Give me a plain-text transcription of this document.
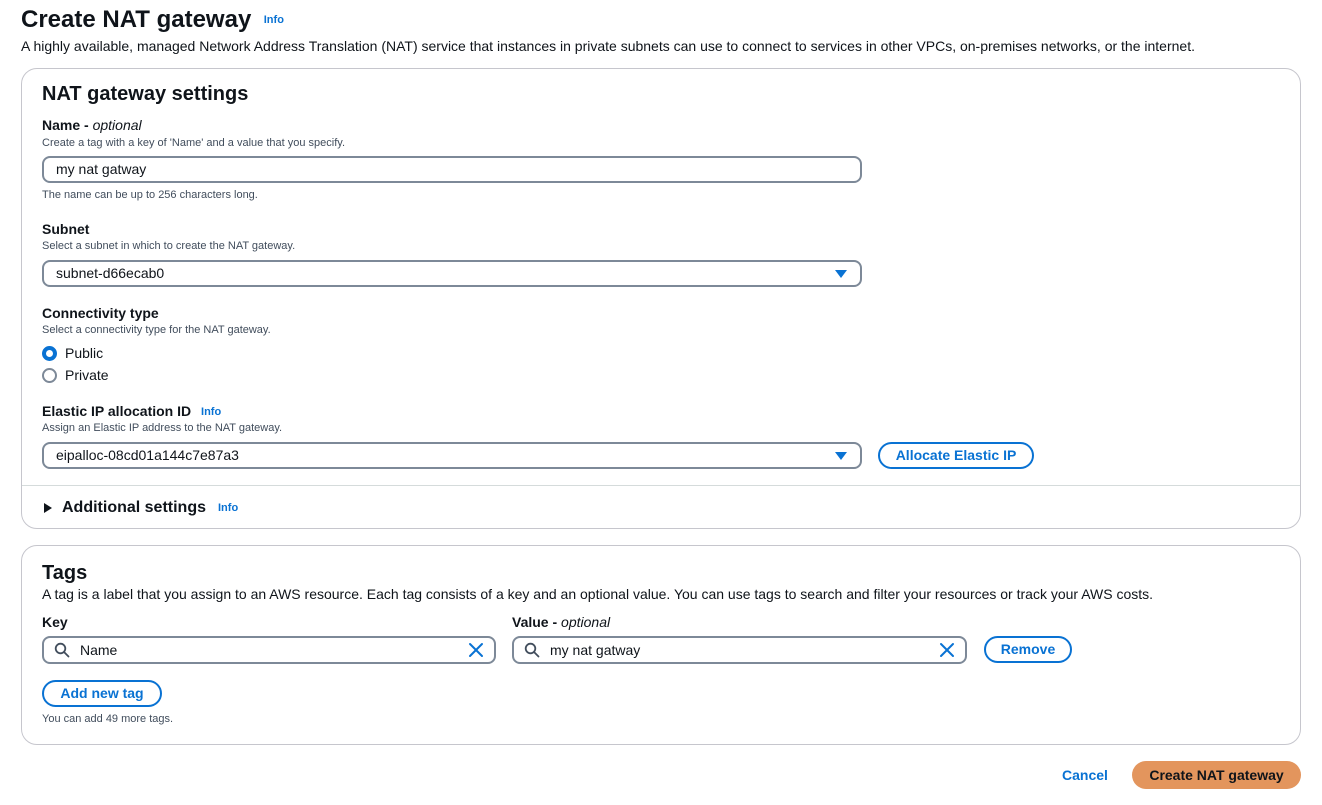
Create NAT gateway Info
A highly available, managed Network Address Translation (NAT) service that instances in private subnets can use to connect to services in other VPCs, on-premises networks, or the internet.
NAT gateway settings
Name - optional
Create a tag with a key of 'Name' and a value that you specify.
my nat gatway
The name can be up to 256 characters long.
Subnet
Select a subnet in which to create the NAT gateway.
subnet-d66ecab0
Connectivity type
Select a connectivity type for the NAT gateway.
Public
Private
Elastic IP allocation ID Info
Assign an Elastic IP address to the NAT gateway.
eipalloc-08cd01a144c7e87a3	Allocate Elastic IP
Additional settings Info
Tags
A tag is a label that you assign to an AWS resource. Each tag consists of a key and an optional value. You can use tags to search and filter your resources or track your AWS costs.
Key	Value - optional
Name	my nat gatway	Remove
Add new tag
You can add 49 more tags.
Cancel	Create NAT gateway
